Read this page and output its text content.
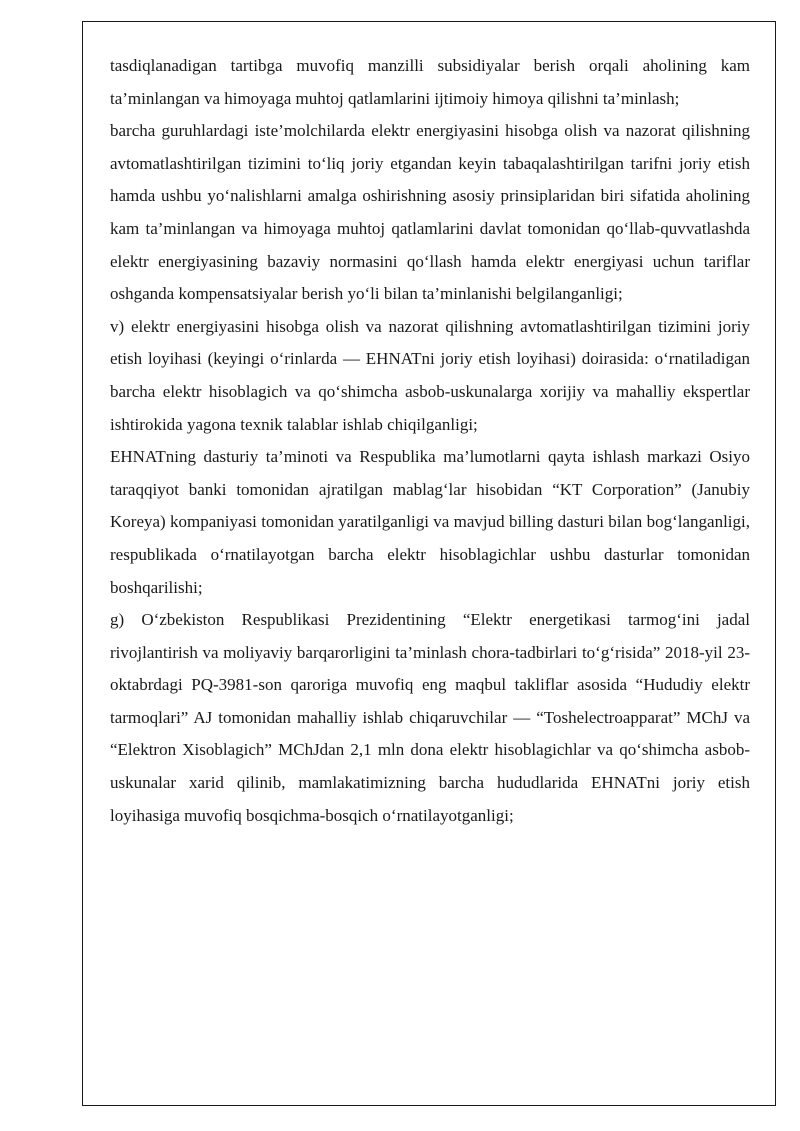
tasdiqlanadigan tartibga muvofiq manzilli subsidiyalar berish orqali aholining kam ta’minlangan va himoyaga muhtoj qatlamlarini ijtimoiy himoya qilishni ta’minlash;

barcha guruhlardagi iste’molchilarda elektr energiyasini hisobga olish va nazorat qilishning avtomatlashtirilgan tizimini to‘liq joriy etgandan keyin tabaqalashtirilgan tarifni joriy etish hamda ushbu yo‘nalishlarni amalga oshirishning asosiy prinsiplaridan biri sifatida aholining kam ta’minlangan va himoyaga muhtoj qatlamlarini davlat tomonidan qo‘llab-quvvatlashda elektr energiyasining bazaviy normasini qo‘llash hamda elektr energiyasi uchun tariflar oshganda kompensatsiyalar berish yo‘li bilan ta’minlanishi belgilanganligi;

v) elektr energiyasini hisobga olish va nazorat qilishning avtomatlashtirilgan tizimini joriy etish loyihasi (keyingi o‘rinlarda — EHNATni joriy etish loyihasi) doirasida: o‘rnatiladigan barcha elektr hisoblagich va qo‘shimcha asbob-uskunalarga xorijiy va mahalliy ekspertlar ishtirokida yagona texnik talablar ishlab chiqilganligi;

EHNATning dasturiy ta’minoti va Respublika ma’lumotlarni qayta ishlash markazi Osiyo taraqqiyot banki tomonidan ajratilgan mablag‘lar hisobidan “KT Corporation” (Janubiy Koreya) kompaniyasi tomonidan yaratilganligi va mavjud billing dasturi bilan bog‘langanligi, respublikada o‘rnatilayotgan barcha elektr hisoblagichlar ushbu dasturlar tomonidan boshqarilishi;

g) O‘zbekiston Respublikasi Prezidentining “Elektr energetikasi tarmog‘ini jadal rivojlantirish va moliyaviy barqarorligini ta’minlash chora-tadbirlari to‘g‘risida” 2018-yil 23-oktabrdagi PQ-3981-son qaroriga muvofiq eng maqbul takliflar asosida “Hududiy elektr tarmoqlari” AJ tomonidan mahalliy ishlab chiqaruvchilar — “Toshelectroapparat” MChJ va “Elektron Xisoblagich” MChJdan 2,1 mln dona elektr hisoblagichlar va qo‘shimcha asbob-uskunalar xarid qilinib, mamlakatimizning barcha hududlarida EHNATni joriy etish loyihasiga muvofiq bosqichma-bosqich o‘rnatilayotganligi;
